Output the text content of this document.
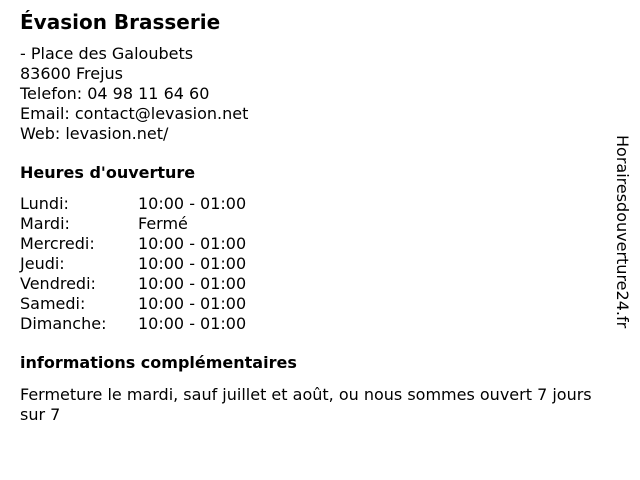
Évasion Brasserie
- Place des Galoubets
83600 Frejus
Telefon: 04 98 11 64 60
Email: contact@levasion.net
Web: levasion.net/
Heures d'ouverture
Lundi:	10:00 - 01:00
Mardi:	Fermé
Mercredi:	10:00 - 01:00
Jeudi:	10:00 - 01:00
Vendredi:	10:00 - 01:00
Samedi:	10:00 - 01:00
Dimanche:	10:00 - 01:00
informations complémentaires
Fermeture le mardi, sauf juillet et août, ou nous sommes ouvert 7 jours sur 7
Horairesdouverture24.fr
